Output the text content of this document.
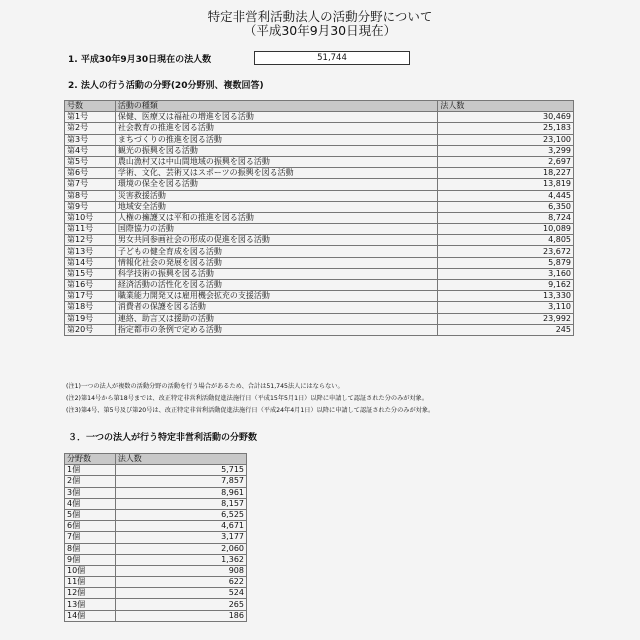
特定非営利活動法人の活動分野について
（平成30年9月30日現在）
1. 平成30年9月30日現在の法人数	51,744
2. 法人の行う活動の分野(20分野別、複数回答)
号数	活動の種類	法人数
第1号	保健、医療又は福祉の増進を図る活動	30,469
第2号	社会教育の推進を図る活動	25,183
第3号	まちづくりの推進を図る活動	23,100
第4号	観光の振興を図る活動	3,299
第5号	農山漁村又は中山間地域の振興を図る活動	2,697
第6号	学術、文化、芸術又はスポーツの振興を図る活動	18,227
第7号	環境の保全を図る活動	13,819
第8号	災害救援活動	4,445
第9号	地域安全活動	6,350
第10号	人権の擁護又は平和の推進を図る活動	8,724
第11号	国際協力の活動	10,089
第12号	男女共同参画社会の形成の促進を図る活動	4,805
第13号	子どもの健全育成を図る活動	23,672
第14号	情報化社会の発展を図る活動	5,879
第15号	科学技術の振興を図る活動	3,160
第16号	経済活動の活性化を図る活動	9,162
第17号	職業能力開発又は雇用機会拡充の支援活動	13,330
第18号	消費者の保護を図る活動	3,110
第19号	連絡、助言又は援助の活動	23,992
第20号	指定都市の条例で定める活動	245
(注1)一つの法人が複数の活動分野の活動を行う場合があるため、合計は51,745法人にはならない。
(注2)第14号から第18号までは、改正特定非営利活動促進法施行日（平成15年5月1日）以降に申請して認証された分のみが対象。
(注3)第4号、第5号及び第20号は、改正特定非営利活動促進法施行日（平成24年4月1日）以降に申請して認証された分のみが対象。
３．一つの法人が行う特定非営利活動の分野数
分野数	法人数
1個	5,715
2個	7,857
3個	8,961
4個	8,157
5個	6,525
6個	4,671
7個	3,177
8個	2,060
9個	1,362
10個	908
11個	622
12個	524
13個	265
14個	186
